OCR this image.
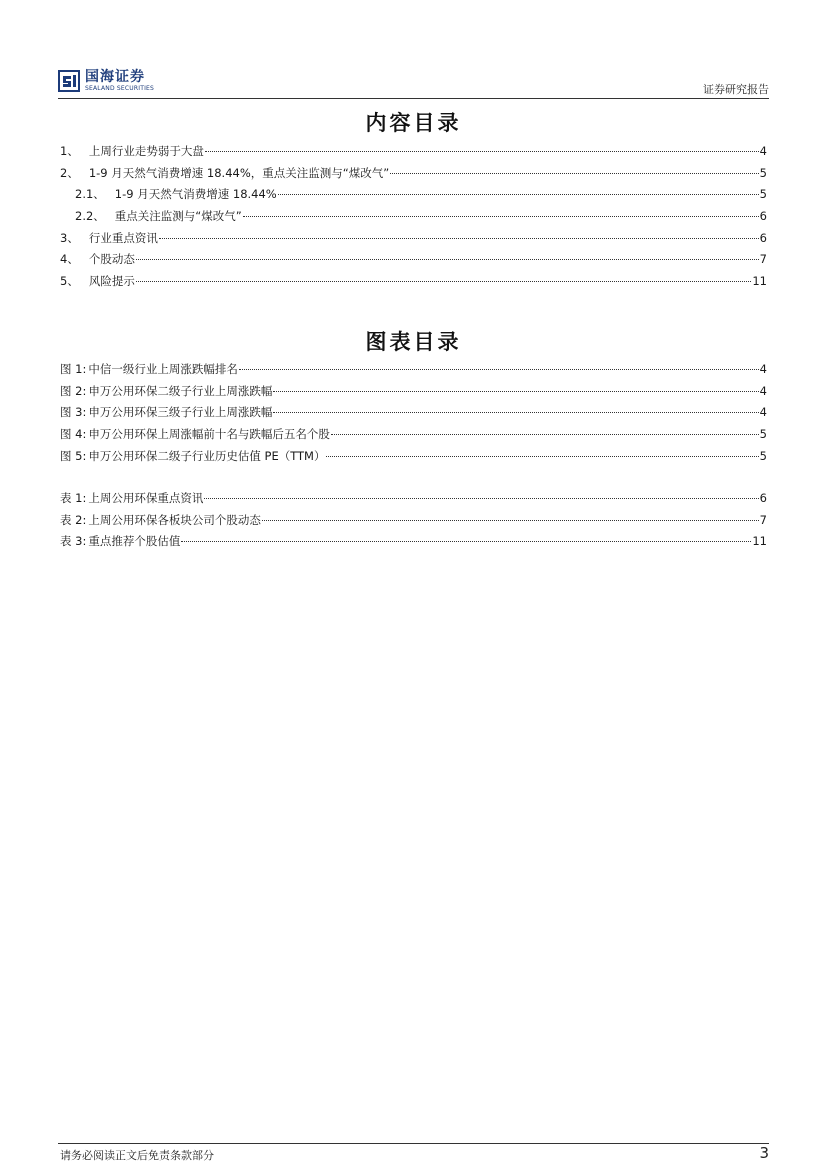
国海证券
SEALAND SECURITIES	证券研究报告
内容目录
1、 上周行业走势弱于大盘	4
2、 1-9 月天然气消费增速 18.44%，重点关注监测与“煤改气”	5
2.1、 1-9 月天然气消费增速 18.44%	5
2.2、 重点关注监测与“煤改气”	6
3、 行业重点资讯	6
4、 个股动态	7
5、 风险提示	11
图表目录
图 1: 中信一级行业上周涨跌幅排名	4
图 2: 申万公用环保二级子行业上周涨跌幅	4
图 3: 申万公用环保三级子行业上周涨跌幅	4
图 4: 申万公用环保上周涨幅前十名与跌幅后五名个股	5
图 5: 申万公用环保二级子行业历史估值 PE（TTM）	5
表 1: 上周公用环保重点资讯	6
表 2: 上周公用环保各板块公司个股动态	7
表 3: 重点推荐个股估值	11
请务必阅读正文后免责条款部分	3
